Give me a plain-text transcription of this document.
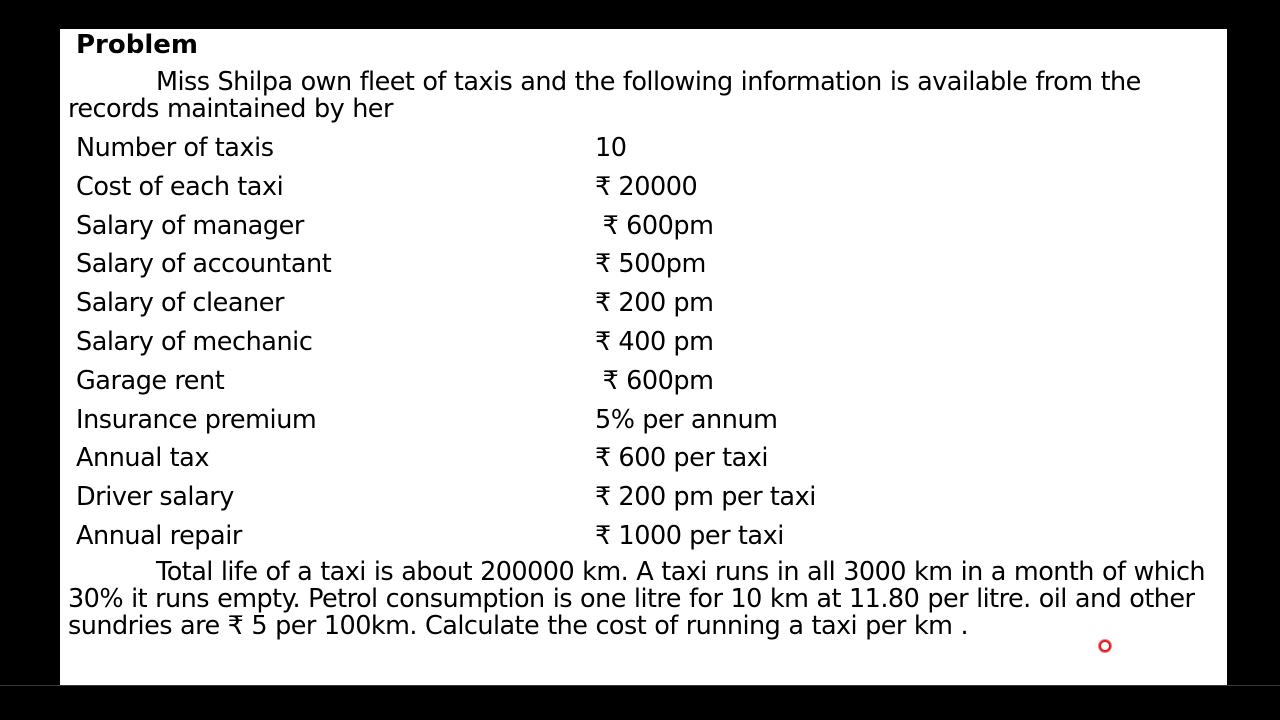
Problem

Miss Shilpa own fleet of taxis and the following information is available from the records maintained by her

Number of taxis	10
Cost of each taxi	₹ 20000
Salary of manager	₹ 600pm
Salary of accountant	₹ 500pm
Salary of cleaner	₹ 200 pm
Salary of mechanic	₹ 400 pm
Garage rent	₹ 600pm
Insurance premium	5% per annum
Annual tax	₹ 600 per taxi
Driver salary	₹ 200 pm per taxi
Annual repair	₹ 1000 per taxi

Total life of a taxi is about 200000 km. A taxi runs in all 3000 km in a month of which 30% it runs empty. Petrol consumption is one litre for 10 km at 11.80 per litre. oil and other sundries are ₹ 5 per 100km. Calculate the cost of running a taxi per km .
